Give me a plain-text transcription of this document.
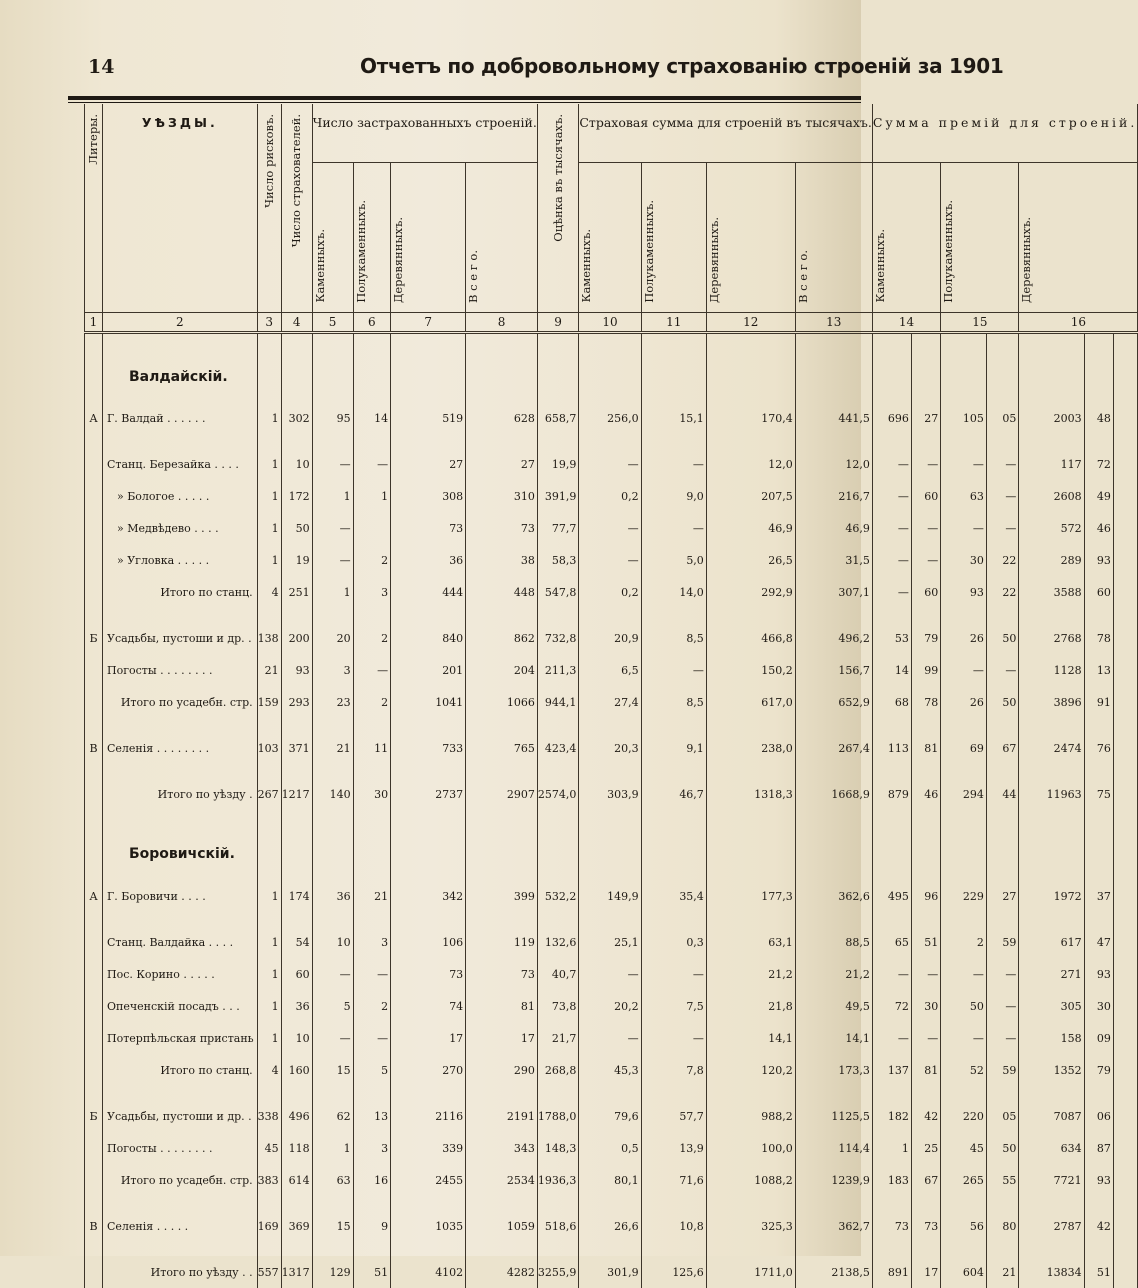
14	Отчетъ по добровольному страхованію строеній за 1901
Литеры.	УѢЗДЫ.	Число рисковъ.	Число страхователей.	Число застрахованныхъ строеній.				Оцѣнка въ тысячахъ.	Страховая сумма для строеній въ тысячахъ.				Сумма премій для строеній.						
				Каменныхъ.	Полукаменныхъ.	Деревянныхъ.	В с е г о.		Каменныхъ.	Полукаменныхъ.	Деревянныхъ.	В с е г о.	Каменныхъ.		Полукаменныхъ.		Деревянныхъ.		
1	2	3	4	5	6	7	8	9	10	11	12	13	14		15		16		
	Валдайскій.																		
А	Г. Валдай . . . . . .	1	302	95	14	519	628	658,7	256,0	15,1	170,4	441,5	696	27	105	05	2003	48	

	Станц. Березайка . . . .	1	10	—	—	27	27	19,9	—	—	12,0	12,0	—	—	—	—	117	72	
	» Бологое . . . . .	1	172	1	1	308	310	391,9	0,2	9,0	207,5	216,7	—	60	63	—	2608	49	
	» Медвѣдево . . . .	1	50	—		73	73	77,7	—	—	46,9	46,9	—	—	—	—	572	46	
	» Угловка . . . . .	1	19	—	2	36	38	58,3	—	5,0	26,5	31,5	—	—	30	22	289	93	
	Итого по станц.	4	251	1	3	444	448	547,8	0,2	14,0	292,9	307,1	—	60	93	22	3588	60	

Б	Усадьбы, пустоши и др. .	138	200	20	2	840	862	732,8	20,9	8,5	466,8	496,2	53	79	26	50	2768	78	
	Погосты . . . . . . . .	21	93	3	—	201	204	211,3	6,5	—	150,2	156,7	14	99	—	—	1128	13	
	Итого по усадебн. стр.	159	293	23	2	1041	1066	944,1	27,4	8,5	617,0	652,9	68	78	26	50	3896	91	

В	Селенія . . . . . . . .	103	371	21	11	733	765	423,4	20,3	9,1	238,0	267,4	113	81	69	67	2474	76	

	Итого по уѣзду .	267	1217	140	30	2737	2907	2574,0	303,9	46,7	1318,3	1668,9	879	46	294	44	11963	75	
	Боровичскій.																		
А	Г. Боровичи . . . .	1	174	36	21	342	399	532,2	149,9	35,4	177,3	362,6	495	96	229	27	1972	37	

	Станц. Валдайка . . . .	1	54	10	3	106	119	132,6	25,1	0,3	63,1	88,5	65	51	2	59	617	47	
	Пос. Корино . . . . .	1	60	—	—	73	73	40,7	—	—	21,2	21,2	—	—	—	—	271	93	
	Опеченскій посадъ . . .	1	36	5	2	74	81	73,8	20,2	7,5	21,8	49,5	72	30	50	—	305	30	
	Потерпѣльская пристань	1	10	—	—	17	17	21,7	—	—	14,1	14,1	—	—	—	—	158	09	
	Итого по станц.	4	160	15	5	270	290	268,8	45,3	7,8	120,2	173,3	137	81	52	59	1352	79	

Б	Усадьбы, пустоши и др. .	338	496	62	13	2116	2191	1788,0	79,6	57,7	988,2	1125,5	182	42	220	05	7087	06	
	Погосты . . . . . . . .	45	118	1	3	339	343	148,3	0,5	13,9	100,0	114,4	1	25	45	50	634	87	
	Итого по усадебн. стр.	383	614	63	16	2455	2534	1936,3	80,1	71,6	1088,2	1239,9	183	67	265	55	7721	93	

В	Селенія . . . . .	169	369	15	9	1035	1059	518,6	26,6	10,8	325,3	362,7	73	73	56	80	2787	42	

	Итого по уѣзду . .	557	1317	129	51	4102	4282	3255,9	301,9	125,6	1711,0	2138,5	891	17	604	21	13834	51	
